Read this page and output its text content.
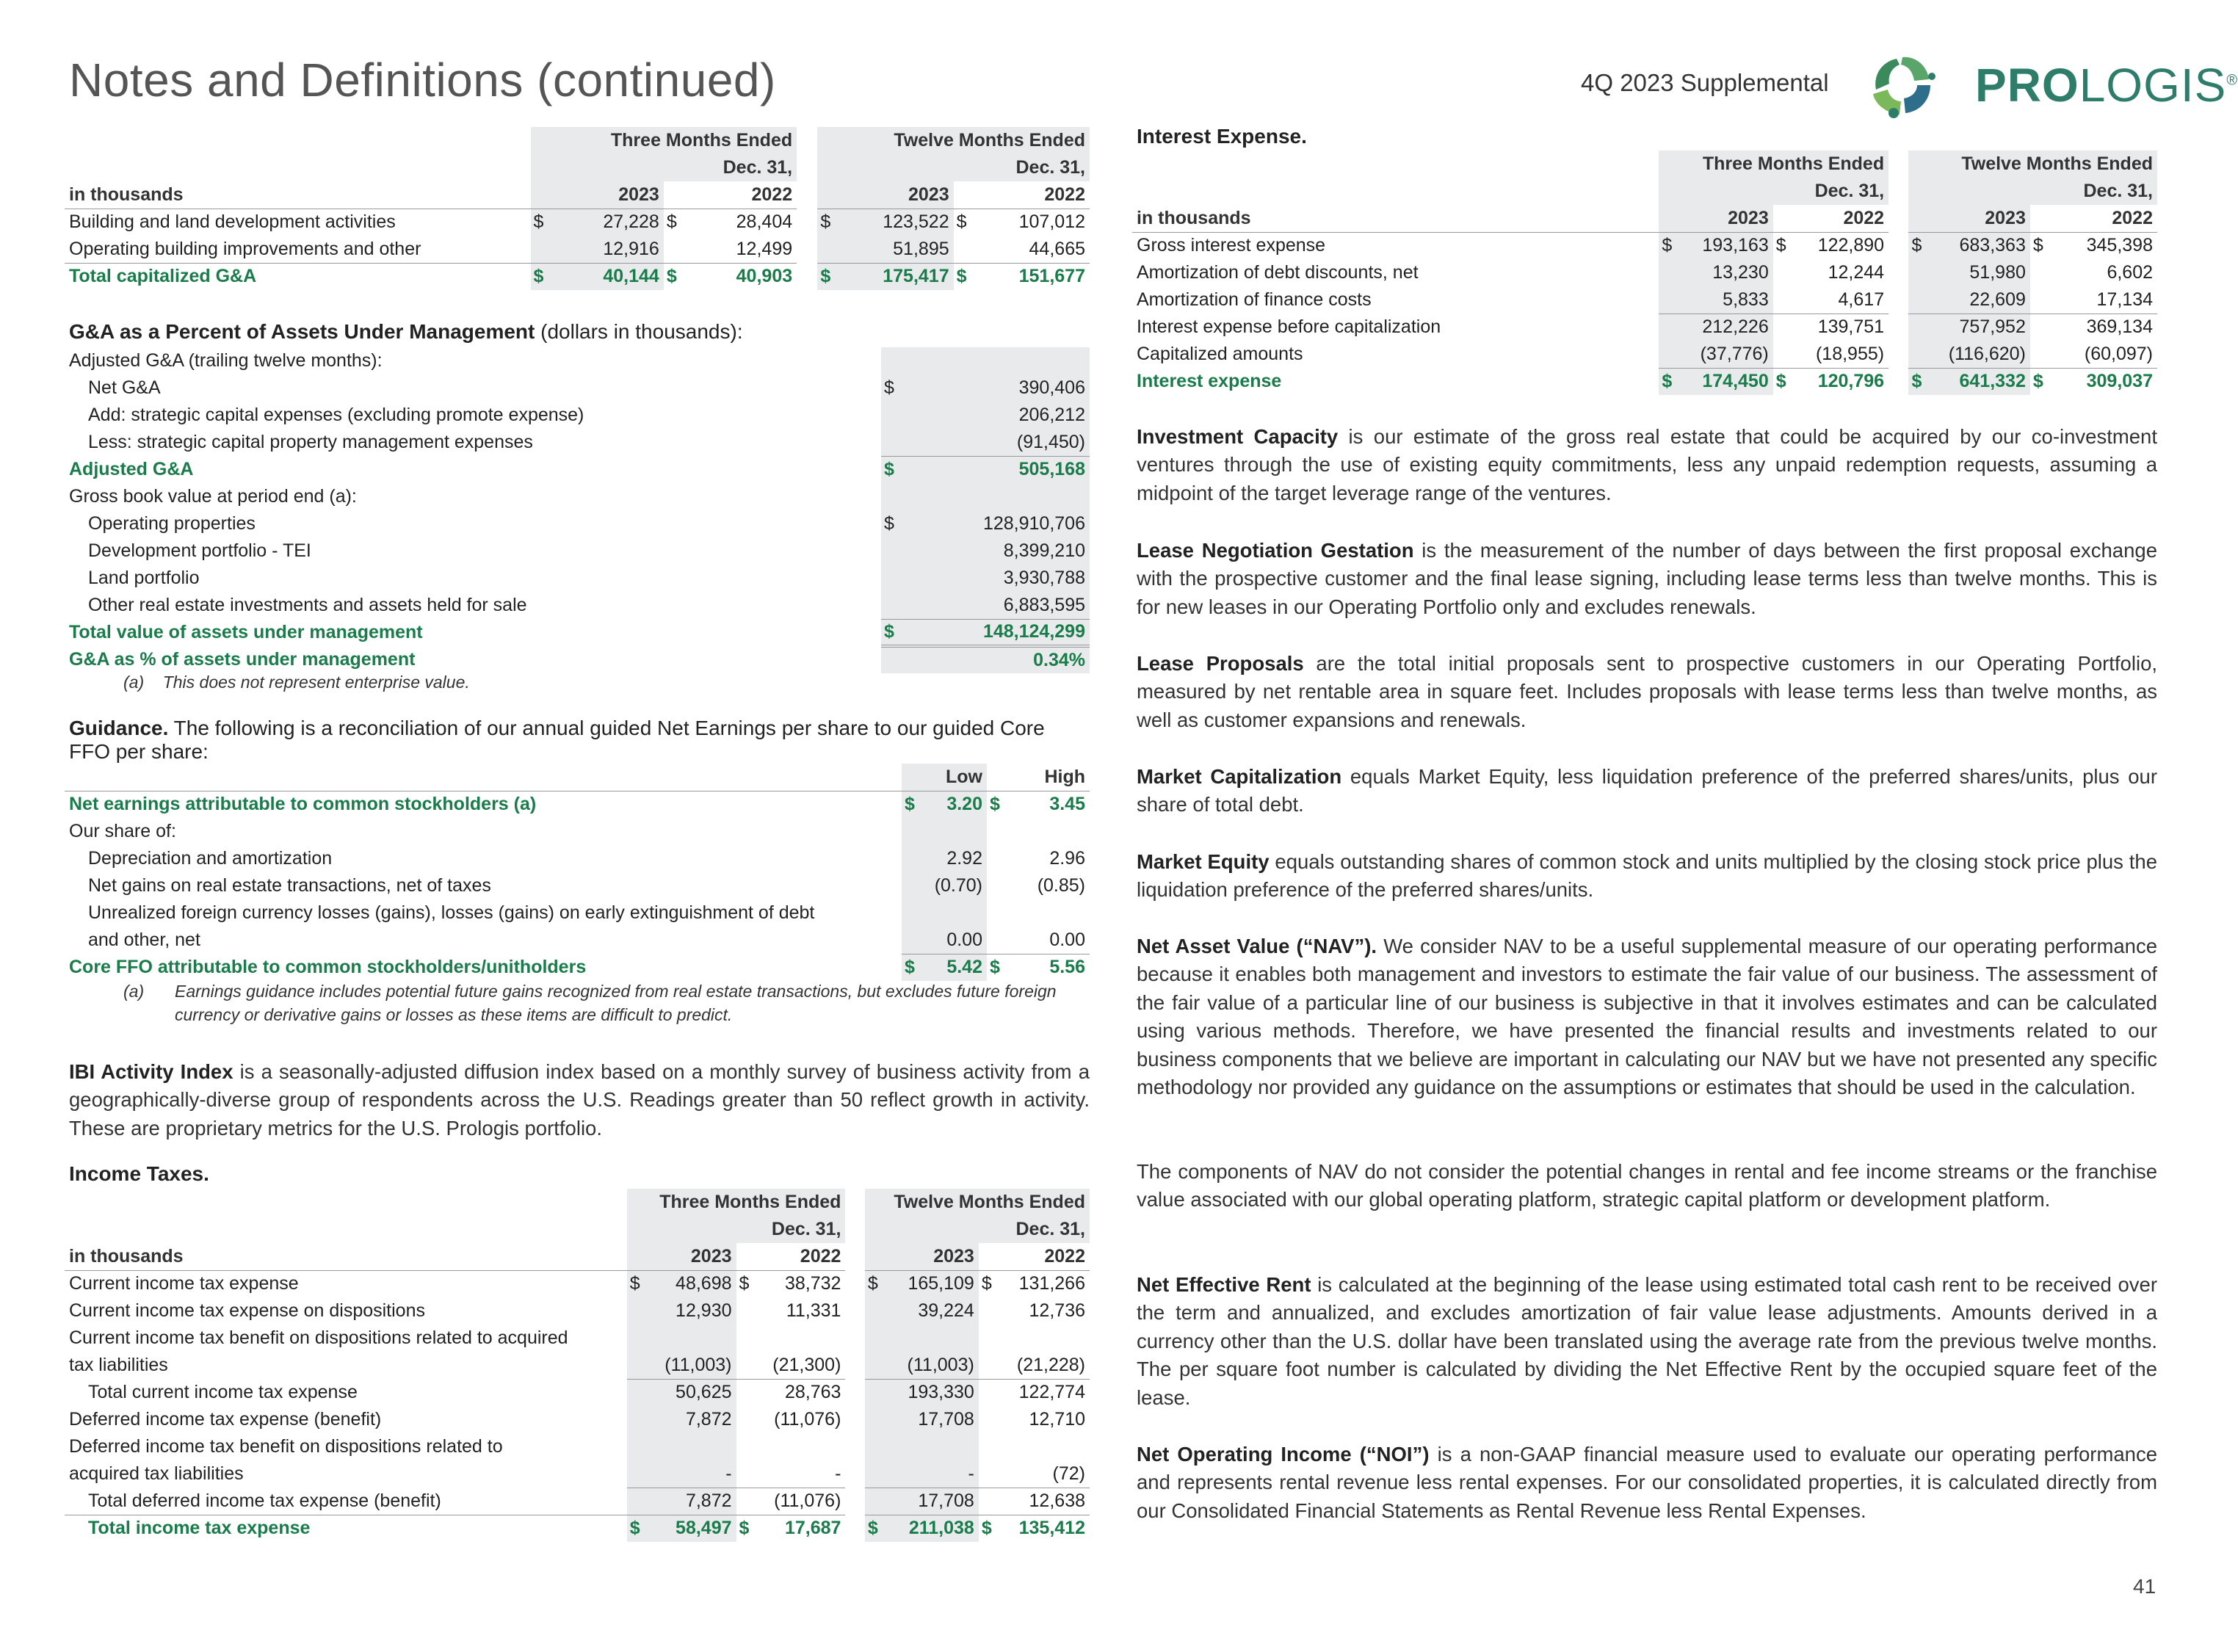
Notes and Definitions (continued)	4Q 2023 Supplemental	PROLOGIS®
	Three Months Ended					Twelve Months Ended			
	Dec. 31,					Dec. 31,			
in thousands		2023		2022			2023		2022
Building and land development activities	$	27,228	$	28,404		$	123,522	$	107,012
Operating building improvements and other		12,916		12,499			51,895		44,665
Total capitalized G&A	$	40,144	$	40,903		$	175,417	$	151,677
G&A as a Percent of Assets Under Management (dollars in thousands):
Adjusted G&A (trailing twelve months):		
Net G&A	$	390,406
Add: strategic capital expenses (excluding promote expense)		206,212
Less: strategic capital property management expenses		(91,450)
Adjusted G&A	$	505,168
Gross book value at period end (a):		
Operating properties	$	128,910,706
Development portfolio - TEI		8,399,210
Land portfolio		3,930,788
Other real estate investments and assets held for sale		6,883,595
Total value of assets under management	$	148,124,299
G&A as % of assets under management		0.34%
(a) This does not represent enterprise value.
Guidance. The following is a reconciliation of our annual guided Net Earnings per share to our guided Core FFO per share:
		Low		High
Net earnings attributable to common stockholders (a)	$	3.20	$	3.45
Our share of:				
Depreciation and amortization		2.92		2.96
Net gains on real estate transactions, net of taxes		(0.70)		(0.85)
Unrealized foreign currency losses (gains), losses (gains) on early extinguishment of debt				
and other, net		0.00		0.00
Core FFO attributable to common stockholders/unitholders	$	5.42	$	5.56
(a) Earnings guidance includes potential future gains recognized from real estate transactions, but excludes future foreign currency or derivative gains or losses as these items are difficult to predict.
IBI Activity Index is a seasonally-adjusted diffusion index based on a monthly survey of business activity from a geographically-diverse group of respondents across the U.S. Readings greater than 50 reflect growth in activity. These are proprietary metrics for the U.S. Prologis portfolio.
Income Taxes.
	Three Months Ended					Twelve Months Ended			
	Dec. 31,					Dec. 31,			
in thousands		2023		2022			2023		2022
Current income tax expense	$	48,698	$	38,732		$	165,109	$	131,266
Current income tax expense on dispositions		12,930		11,331			39,224		12,736
Current income tax benefit on dispositions related to acquired									
tax liabilities		(11,003)		(21,300)			(11,003)		(21,228)
Total current income tax expense		50,625		28,763			193,330		122,774
Deferred income tax expense (benefit)		7,872		(11,076)			17,708		12,710
Deferred income tax benefit on dispositions related to									
acquired tax liabilities		-		-			-		(72)
Total deferred income tax expense (benefit)		7,872		(11,076)			17,708		12,638
Total income tax expense	$	58,497	$	17,687		$	211,038	$	135,412
Interest Expense.
	Three Months Ended					Twelve Months Ended			
	Dec. 31,					Dec. 31,			
in thousands		2023		2022			2023		2022
Gross interest expense	$	193,163	$	122,890		$	683,363	$	345,398
Amortization of debt discounts, net		13,230		12,244			51,980		6,602
Amortization of finance costs		5,833		4,617			22,609		17,134
Interest expense before capitalization		212,226		139,751			757,952		369,134
Capitalized amounts		(37,776)		(18,955)			(116,620)		(60,097)
Interest expense	$	174,450	$	120,796		$	641,332	$	309,037
Investment Capacity is our estimate of the gross real estate that could be acquired by our co-investment ventures through the use of existing equity commitments, less any unpaid redemption requests, assuming a midpoint of the target leverage range of the ventures.
Lease Negotiation Gestation is the measurement of the number of days between the first proposal exchange with the prospective customer and the final lease signing, including lease terms less than twelve months. This is for new leases in our Operating Portfolio only and excludes renewals.
Lease Proposals are the total initial proposals sent to prospective customers in our Operating Portfolio, measured by net rentable area in square feet. Includes proposals with lease terms less than twelve months, as well as customer expansions and renewals.
Market Capitalization equals Market Equity, less liquidation preference of the preferred shares/units, plus our share of total debt.
Market Equity equals outstanding shares of common stock and units multiplied by the closing stock price plus the liquidation preference of the preferred shares/units.
Net Asset Value (“NAV”). We consider NAV to be a useful supplemental measure of our operating performance because it enables both management and investors to estimate the fair value of our business. The assessment of the fair value of a particular line of our business is subjective in that it involves estimates and can be calculated using various methods. Therefore, we have presented the financial results and investments related to our business components that we believe are important in calculating our NAV but we have not presented any specific methodology nor provided any guidance on the assumptions or estimates that should be used in the calculation.
The components of NAV do not consider the potential changes in rental and fee income streams or the franchise value associated with our global operating platform, strategic capital platform or development platform.
Net Effective Rent is calculated at the beginning of the lease using estimated total cash rent to be received over the term and annualized, and excludes amortization of fair value lease adjustments. Amounts derived in a currency other than the U.S. dollar have been translated using the average rate from the previous twelve months. The per square foot number is calculated by dividing the Net Effective Rent by the occupied square feet of the lease.
Net Operating Income (“NOI”) is a non-GAAP financial measure used to evaluate our operating performance and represents rental revenue less rental expenses. For our consolidated properties, it is calculated directly from our Consolidated Financial Statements as Rental Revenue less Rental Expenses.
41
